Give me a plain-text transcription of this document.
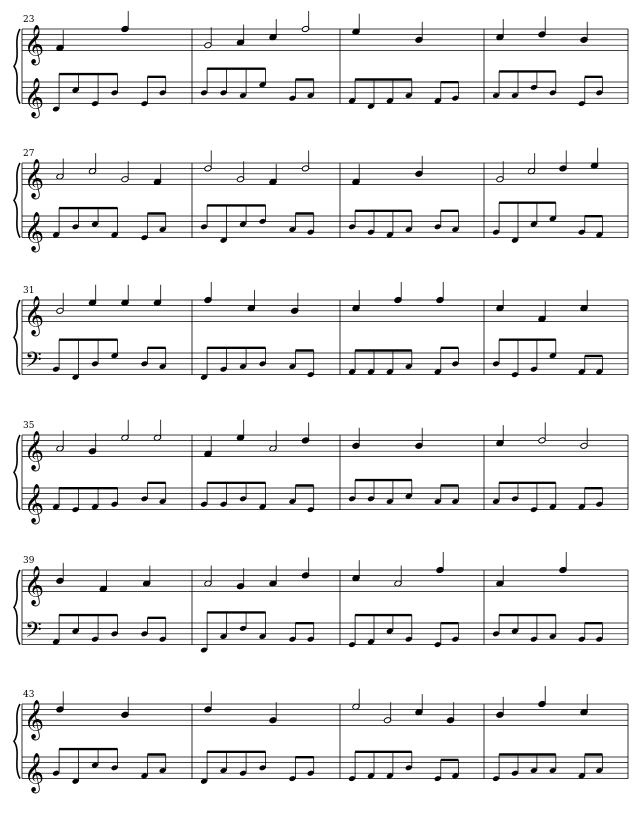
23
𝄞
𝄞
27
𝄞
𝄞
31
𝄞
𝄢
35
𝄞
𝄞
39
𝄞
𝄢
43
𝄞
𝄞
